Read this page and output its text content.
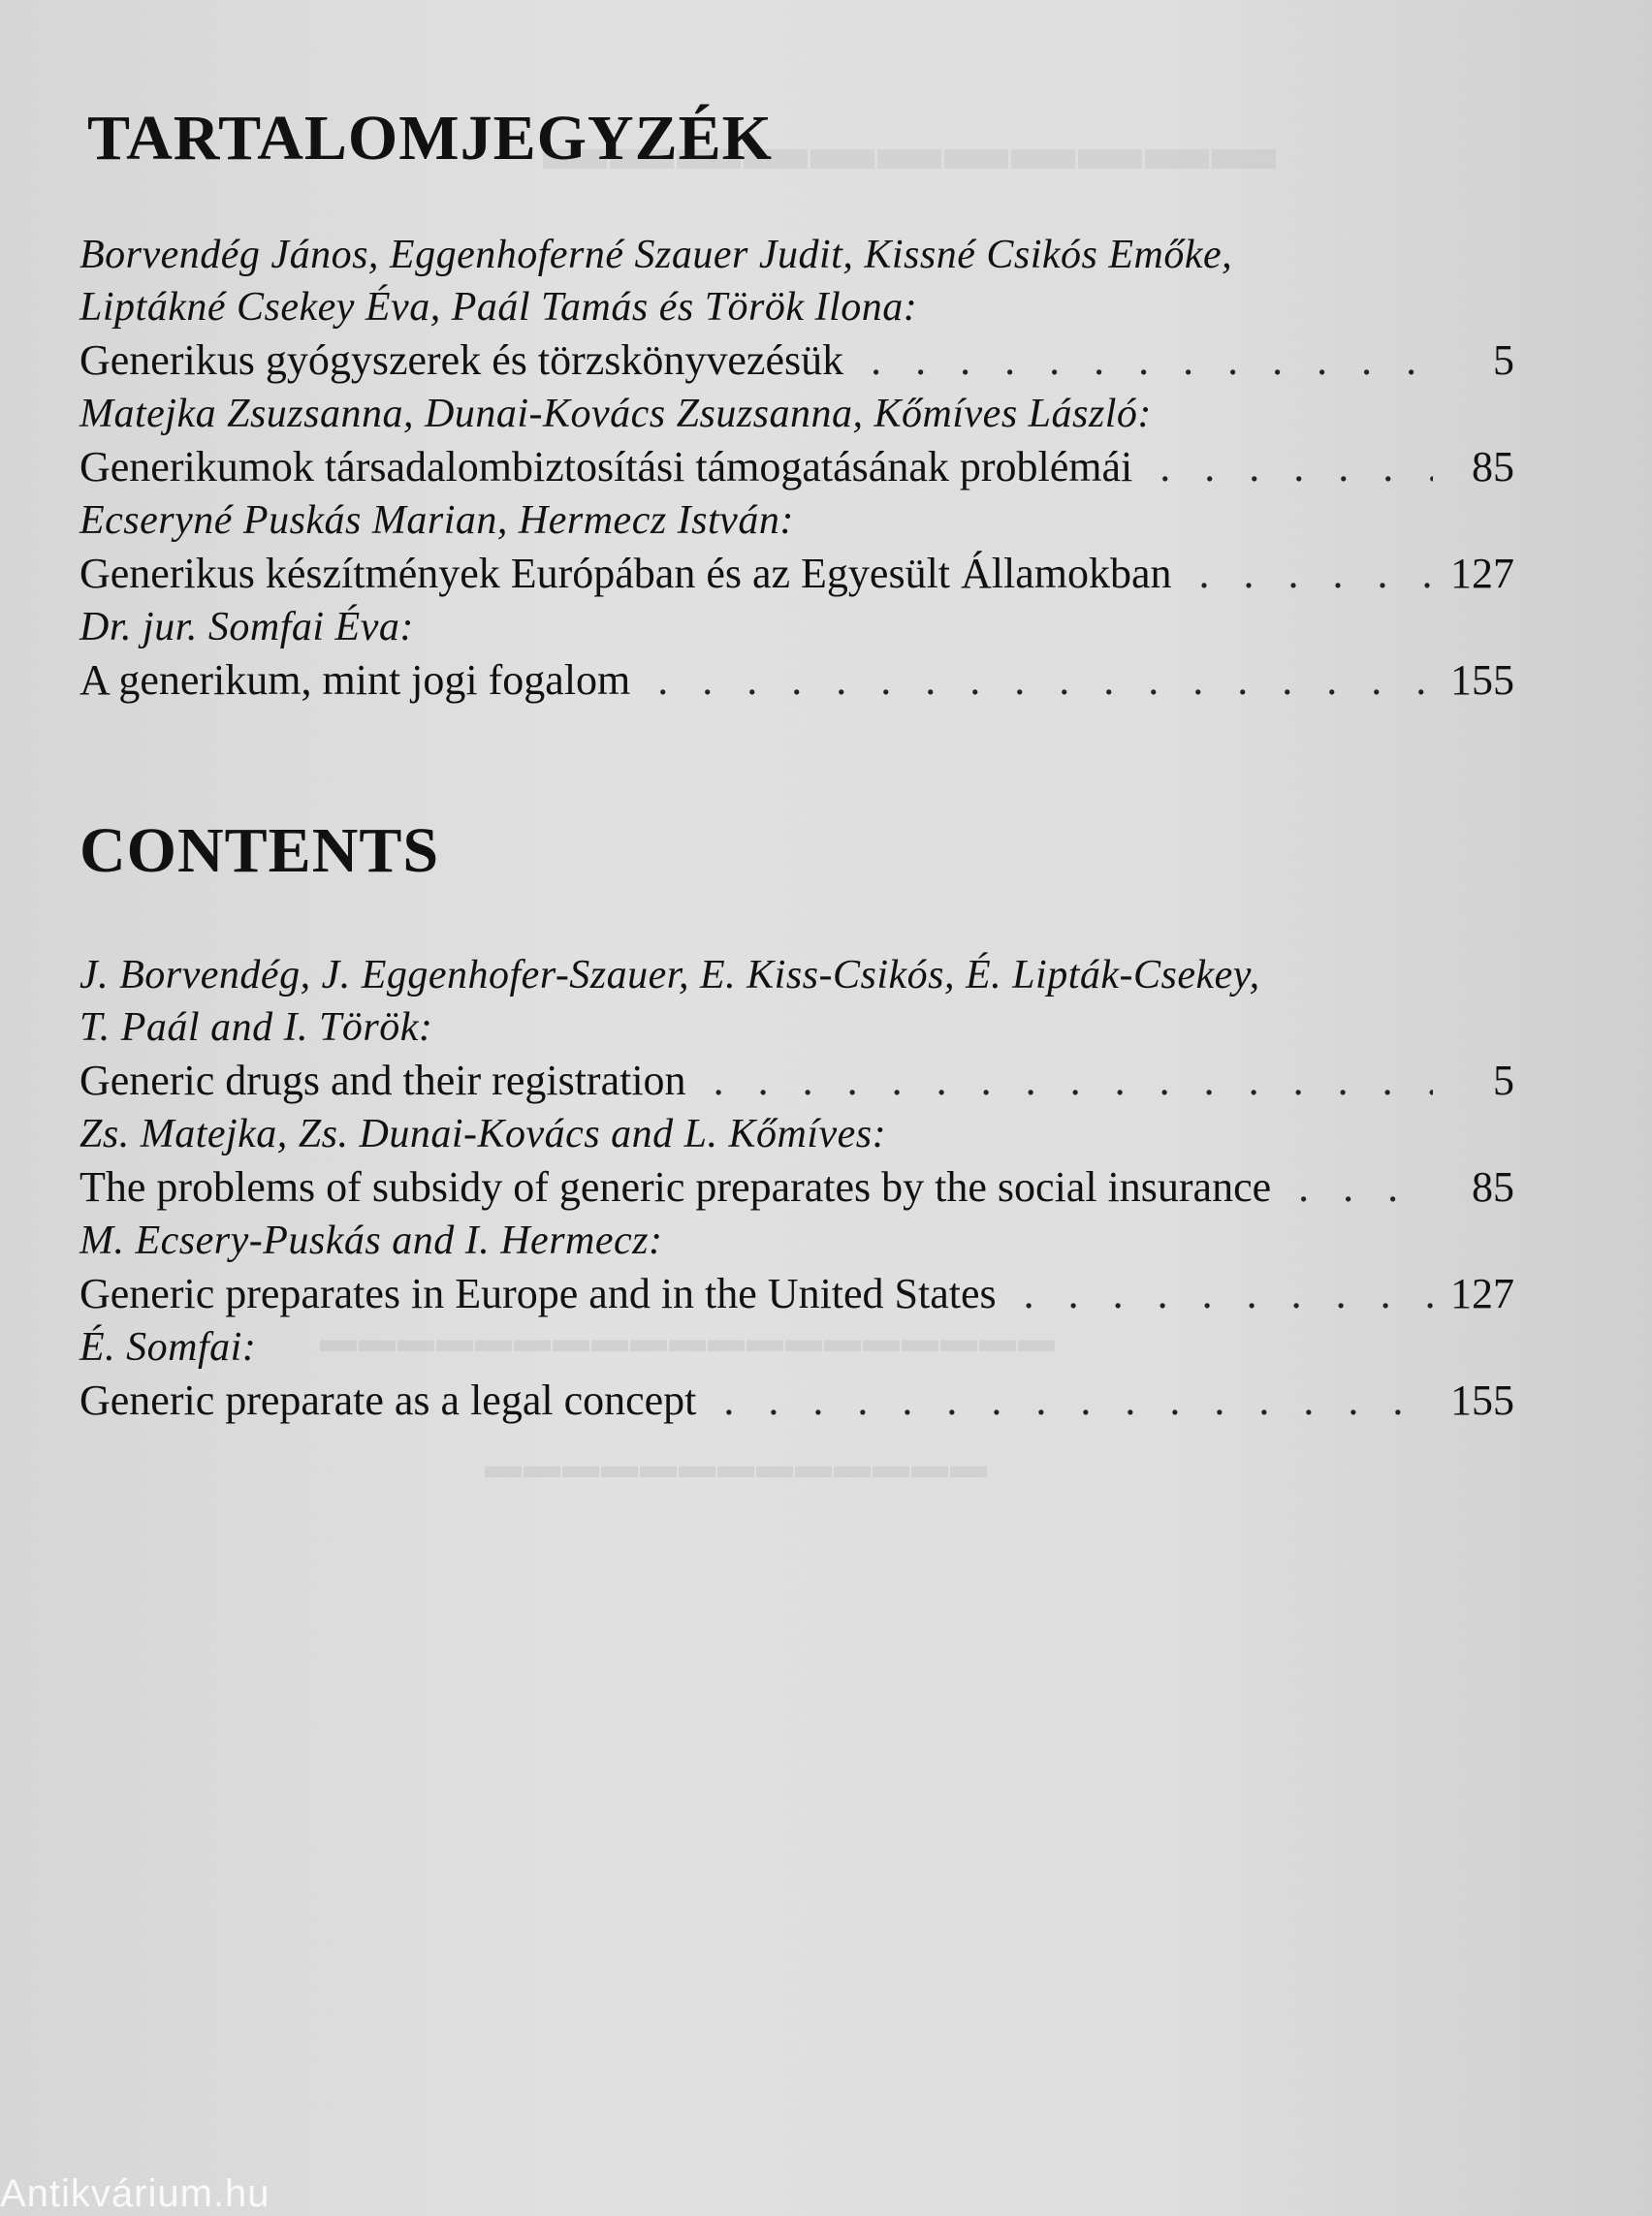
▬▬▬▬▬▬▬▬▬▬▬
▬▬▬▬▬▬▬▬▬▬▬▬▬▬▬▬▬▬▬
▬▬▬▬▬▬▬▬▬▬▬▬▬
TARTALOMJEGYZÉK
Borvendég János, Eggenhoferné Szauer Judit, Kissné Csikós Emőke,
Liptákné Csekey Éva, Paál Tamás és Török Ilona:
Generikus gyógyszerek és törzskönyvezésük . . .	5
Matejka Zsuzsanna, Dunai-Kovács Zsuzsanna, Kőmíves László:
Generikumok társadalombiztosítási támogatásának problémái . . .	85
Ecseryné Puskás Marian, Hermecz István:
Generikus készítmények Európában és az Egyesült Államokban . . .	127
Dr. jur. Somfai Éva:
A generikum, mint jogi fogalom . . .	155
CONTENTS
J. Borvendég, J. Eggenhofer-Szauer, E. Kiss-Csikós, É. Lipták-Csekey,
T. Paál and I. Török:
Generic drugs and their registration . . .	5
Zs. Matejka, Zs. Dunai-Kovács and L. Kőmíves:
The problems of subsidy of generic preparates by the social insurance . . .	85
M. Ecsery-Puskás and I. Hermecz:
Generic preparates in Europe and in the United States . . .	127
É. Somfai:
Generic preparate as a legal concept . . .	155
Antikvárium.hu
